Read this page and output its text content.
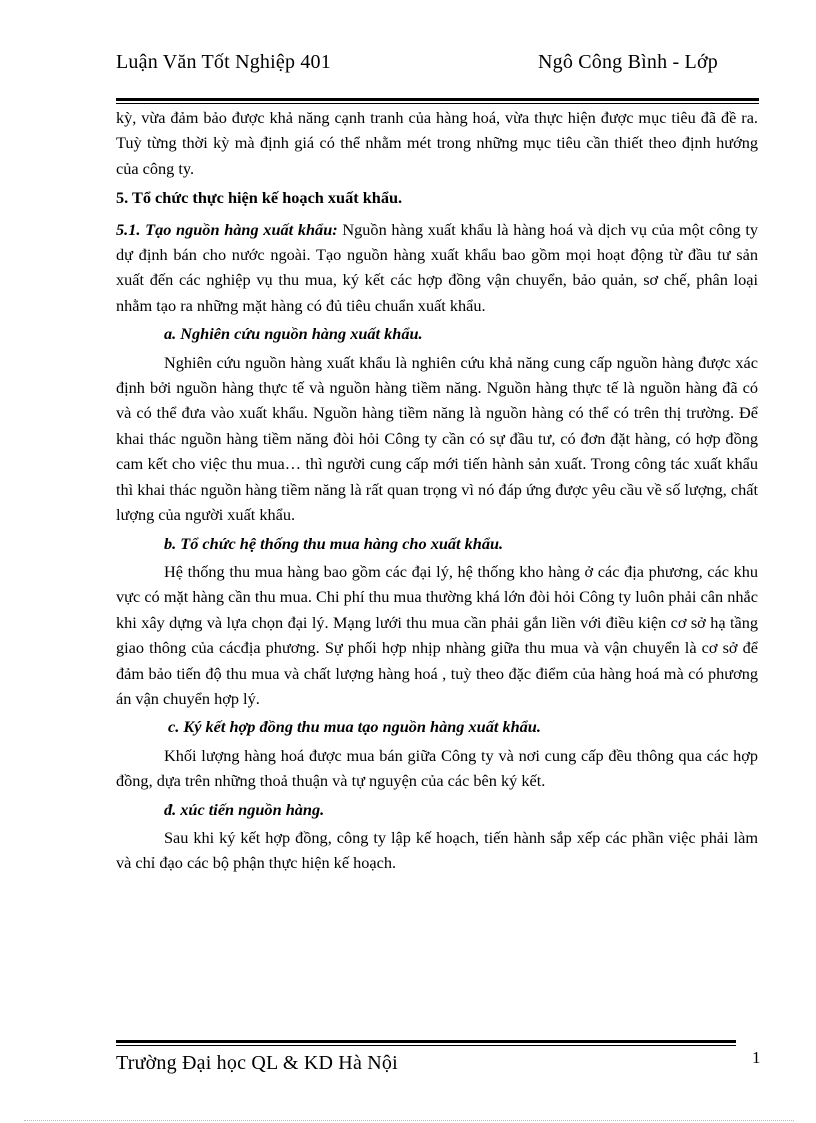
Luận Văn Tốt Nghiệp 401	Ngô Công Bình - Lớp

kỳ, vừa đảm bảo được khả năng cạnh tranh của hàng hoá, vừa thực hiện được mục tiêu đã đề ra. Tuỳ từng thời kỳ mà định giá có thể nhằm mét trong những mục tiêu cần thiết theo định hướng của công ty.

5. Tổ chức thực hiện kế hoạch xuất khẩu.

5.1. Tạo nguồn hàng xuất khẩu: Nguồn hàng xuất khẩu là hàng hoá và dịch vụ của một công ty dự định bán cho nước ngoài. Tạo nguồn hàng xuất khẩu bao gồm mọi hoạt động từ đầu tư sản xuất đến các nghiệp vụ thu mua, ký kết các hợp đồng vận chuyển, bảo quản, sơ chế, phân loại nhằm tạo ra những mặt hàng có đủ tiêu chuẩn xuất khẩu.

a. Nghiên cứu nguồn hàng xuất khẩu.

Nghiên cứu nguồn hàng xuất khẩu là nghiên cứu khả năng cung cấp nguồn hàng được xác định bởi nguồn hàng thực tế và nguồn hàng tiềm năng. Nguồn hàng thực tế là nguồn hàng đã có và có thể đưa vào xuất khẩu. Nguồn hàng tiềm năng là nguồn hàng có thể có trên thị trường. Để khai thác nguồn hàng tiềm năng đòi hỏi Công ty cần có sự đầu tư, có đơn đặt hàng, có hợp đồng cam kết cho việc thu mua… thì người cung cấp mới tiến hành sản xuất. Trong công tác xuất khẩu thì khai thác nguồn hàng tiềm năng là rất quan trọng vì nó đáp ứng được yêu cầu về số lượng, chất lượng của người xuất khẩu.

b. Tổ chức hệ thống thu mua hàng cho xuất khẩu.

Hệ thống thu mua hàng bao gồm các đại lý, hệ thống kho hàng ở các địa phương, các khu vực có mặt hàng cần thu mua. Chi phí thu mua thường khá lớn đòi hỏi Công ty luôn phải cân nhắc khi xây dựng và lựa chọn đại lý. Mạng lưới thu mua cần phải gắn liền với điều kiện cơ sở hạ tầng giao thông của cácđịa phương. Sự phối hợp nhịp nhàng giữa thu mua và vận chuyển là cơ sở để đảm bảo tiến độ thu mua và chất lượng hàng hoá , tuỳ theo đặc điểm của hàng hoá mà có phương án vận chuyển hợp lý.

c. Ký kết hợp đồng thu mua tạo nguồn hàng xuất khẩu.

Khối lượng hàng hoá được mua bán giữa Công ty và nơi cung cấp đều thông qua các hợp đồng, dựa trên những thoả thuận và tự nguyện của các bên ký kết.

đ. xúc tiến nguồn hàng.

Sau khi ký kết hợp đồng, công ty lập kế hoạch, tiến hành sắp xếp các phần việc phải làm và chỉ đạo các bộ phận thực hiện kế hoạch.

Trường Đại học QL & KD Hà Nội	1
